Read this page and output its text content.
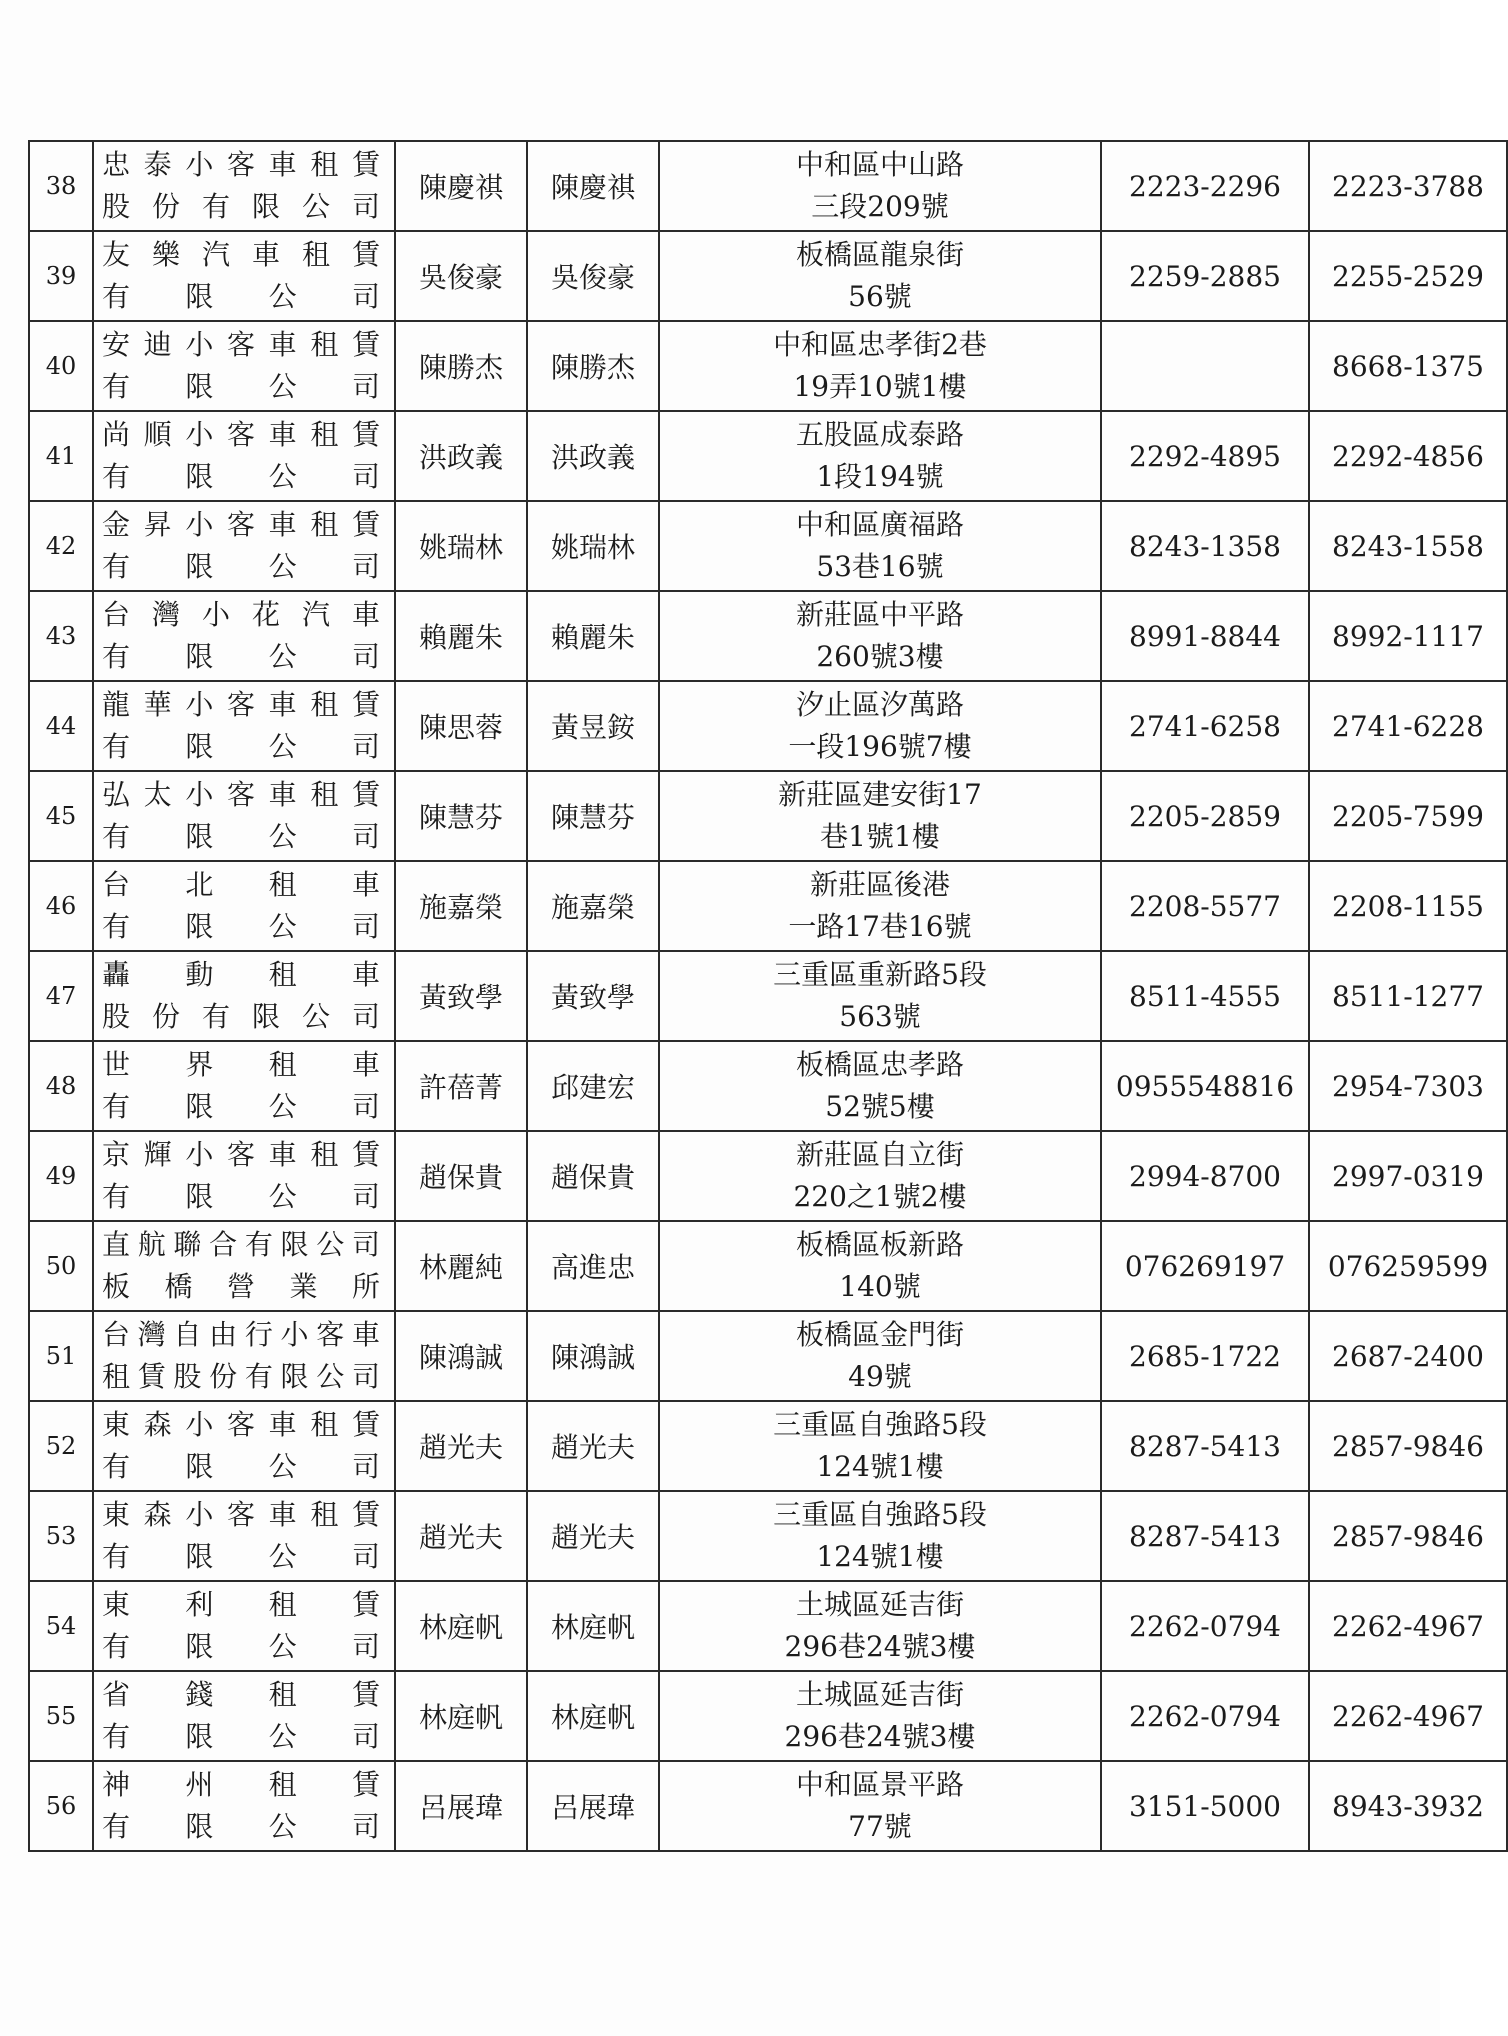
38	忠泰小客車租賃
股份有限公司	陳慶祺	陳慶祺	中和區中山路
三段209號	2223-2296	2223-3788
39	友樂汽車租賃
有限公司	吳俊豪	吳俊豪	板橋區龍泉街
56號	2259-2885	2255-2529
40	安迪小客車租賃
有限公司	陳勝杰	陳勝杰	中和區忠孝街2巷
19弄10號1樓		8668-1375
41	尚順小客車租賃
有限公司	洪政義	洪政義	五股區成泰路
1段194號	2292-4895	2292-4856
42	金昇小客車租賃
有限公司	姚瑞林	姚瑞林	中和區廣福路
53巷16號	8243-1358	8243-1558
43	台灣小花汽車
有限公司	賴麗朱	賴麗朱	新莊區中平路
260號3樓	8991-8844	8992-1117
44	龍華小客車租賃
有限公司	陳思蓉	黃昱銨	汐止區汐萬路
一段196號7樓	2741-6258	2741-6228
45	弘太小客車租賃
有限公司	陳慧芬	陳慧芬	新莊區建安街17
巷1號1樓	2205-2859	2205-7599
46	台北租車
有限公司	施嘉榮	施嘉榮	新莊區後港
一路17巷16號	2208-5577	2208-1155
47	轟動租車
股份有限公司	黃致學	黃致學	三重區重新路5段
563號	8511-4555	8511-1277
48	世界租車
有限公司	許蓓菁	邱建宏	板橋區忠孝路
52號5樓	0955548816	2954-7303
49	京輝小客車租賃
有限公司	趙保貴	趙保貴	新莊區自立街
220之1號2樓	2994-8700	2997-0319
50	直航聯合有限公司
板橋營業所	林麗純	高進忠	板橋區板新路
140號	076269197	076259599
51	台灣自由行小客車
租賃股份有限公司	陳鴻誠	陳鴻誠	板橋區金門街
49號	2685-1722	2687-2400
52	東森小客車租賃
有限公司	趙光夫	趙光夫	三重區自強路5段
124號1樓	8287-5413	2857-9846
53	東森小客車租賃
有限公司	趙光夫	趙光夫	三重區自強路5段
124號1樓	8287-5413	2857-9846
54	東利租賃
有限公司	林庭帆	林庭帆	土城區延吉街
296巷24號3樓	2262-0794	2262-4967
55	省錢租賃
有限公司	林庭帆	林庭帆	土城區延吉街
296巷24號3樓	2262-0794	2262-4967
56	神州租賃
有限公司	呂展瑋	呂展瑋	中和區景平路
77號	3151-5000	8943-3932
